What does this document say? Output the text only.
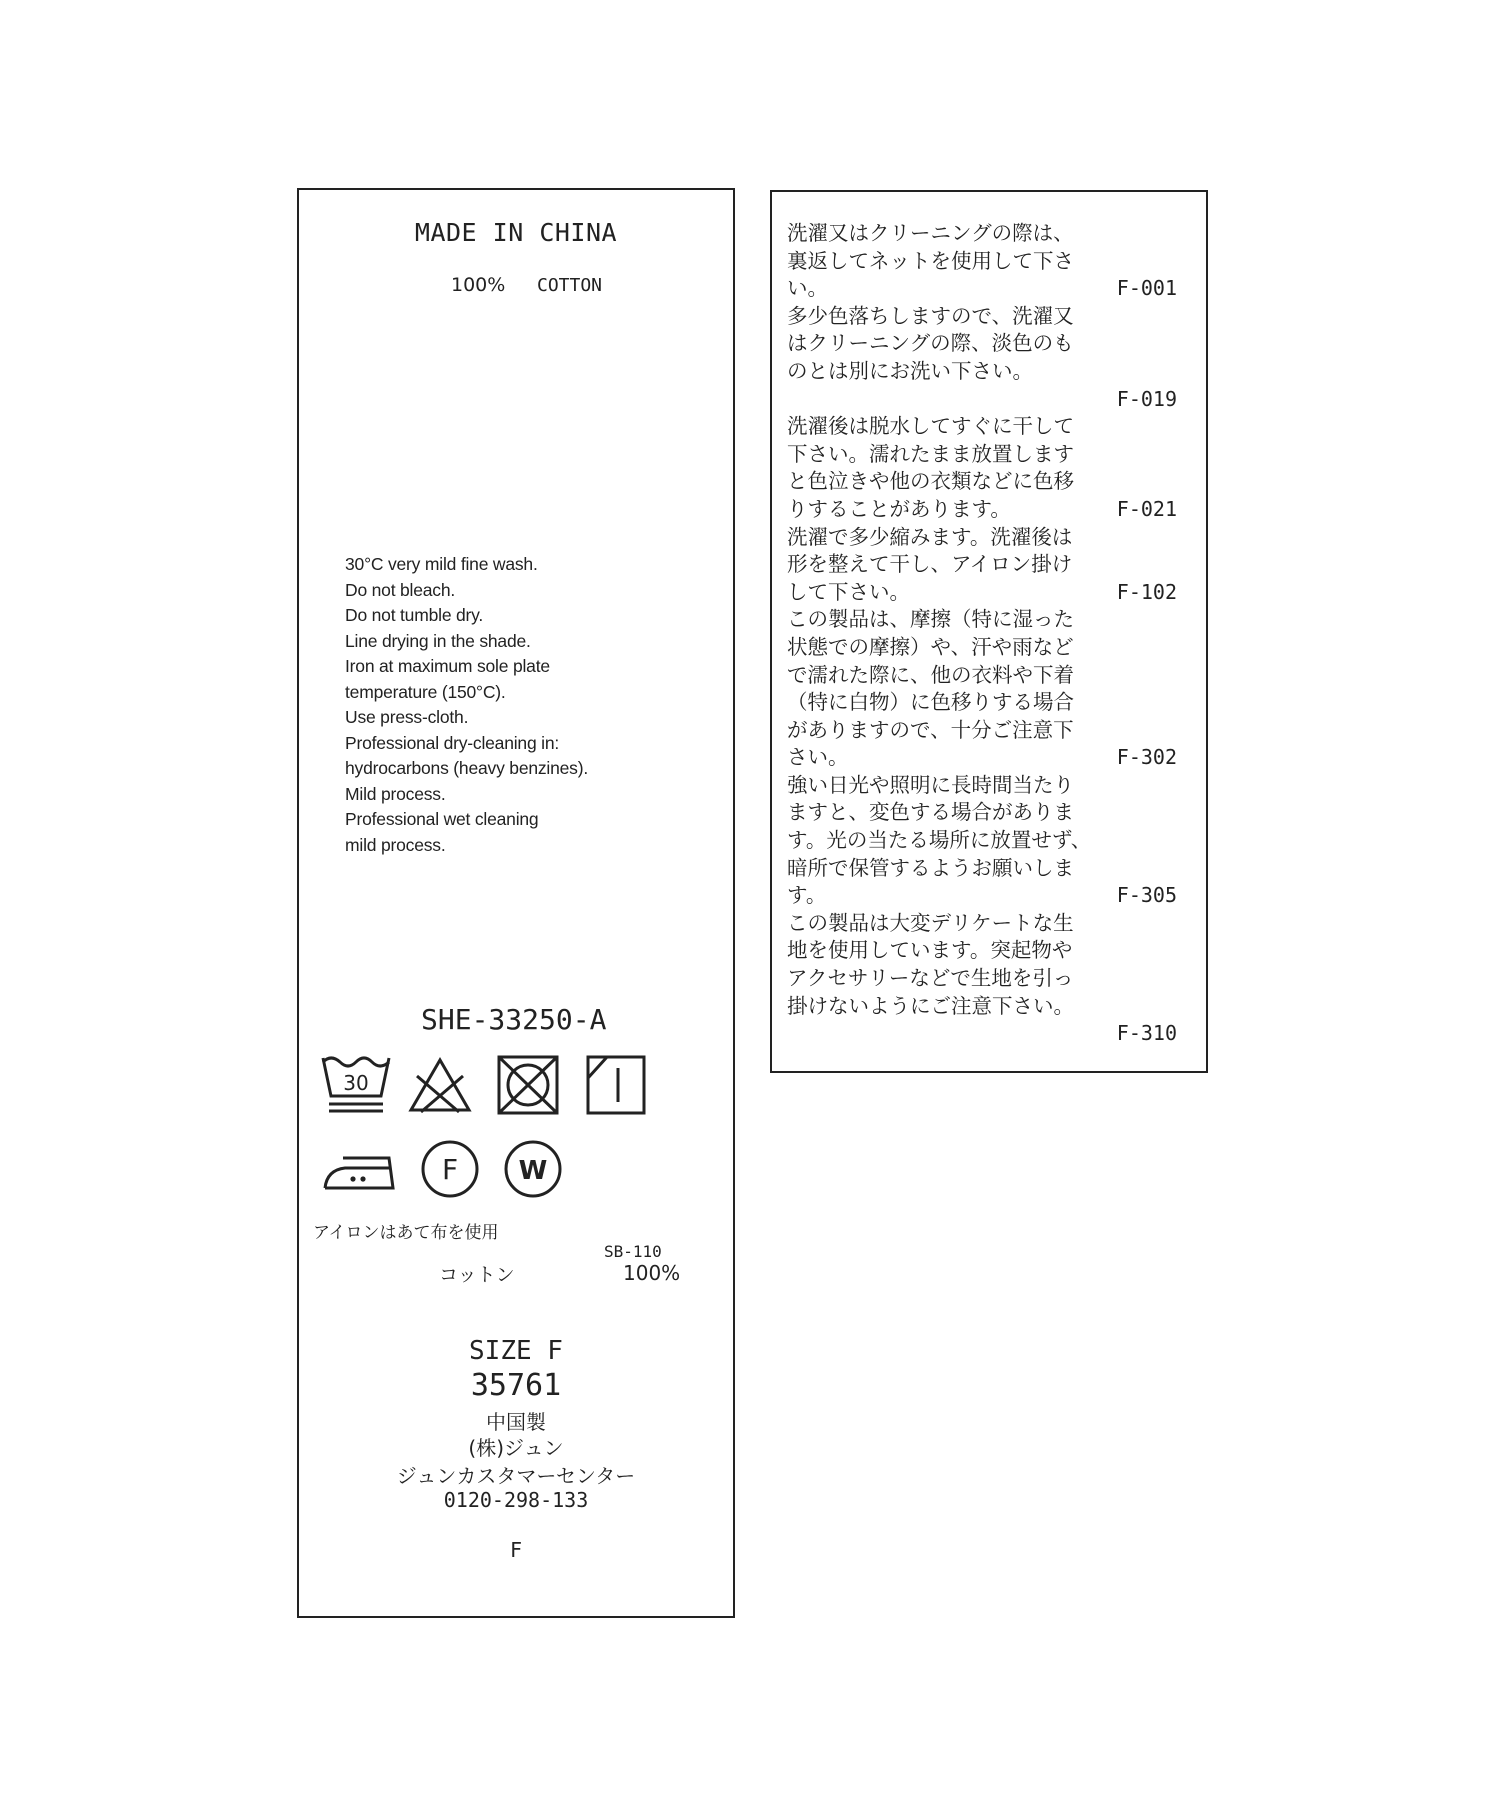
MADE IN CHINA
100% COTTON
30°C very mild fine wash.
Do not bleach.
Do not tumble dry.
Line drying in the shade.
Iron at maximum sole plate
temperature (150°C).
Use press-cloth.
Professional dry-cleaning in:
hydrocarbons (heavy benzines).
Mild process.
Professional wet cleaning
mild process.
SHE-33250-A
30
F W
アイロンはあて布を使用
SB-110
コットン	100%
SIZE F
35761
中国製
(株)ジュン
ジュンカスタマーセンター
0120-298-133
F
洗濯又はクリーニングの際は、
裏返してネットを使用して下さ
い。	F-001
多少色落ちしますので、洗濯又
はクリーニングの際、淡色のも
のとは別にお洗い下さい。
F-019
洗濯後は脱水してすぐに干して
下さい。濡れたまま放置します
と色泣きや他の衣類などに色移
りすることがあります。	F-021
洗濯で多少縮みます。洗濯後は
形を整えて干し、アイロン掛け
して下さい。	F-102
この製品は、摩擦（特に湿った
状態での摩擦）や、汗や雨など
で濡れた際に、他の衣料や下着
（特に白物）に色移りする場合
がありますので、十分ご注意下
さい。	F-302
強い日光や照明に長時間当たり
ますと、変色する場合がありま
す。光の当たる場所に放置せず、
暗所で保管するようお願いしま
す。	F-305
この製品は大変デリケートな生
地を使用しています。突起物や
アクセサリーなどで生地を引っ
掛けないようにご注意下さい。
F-310
